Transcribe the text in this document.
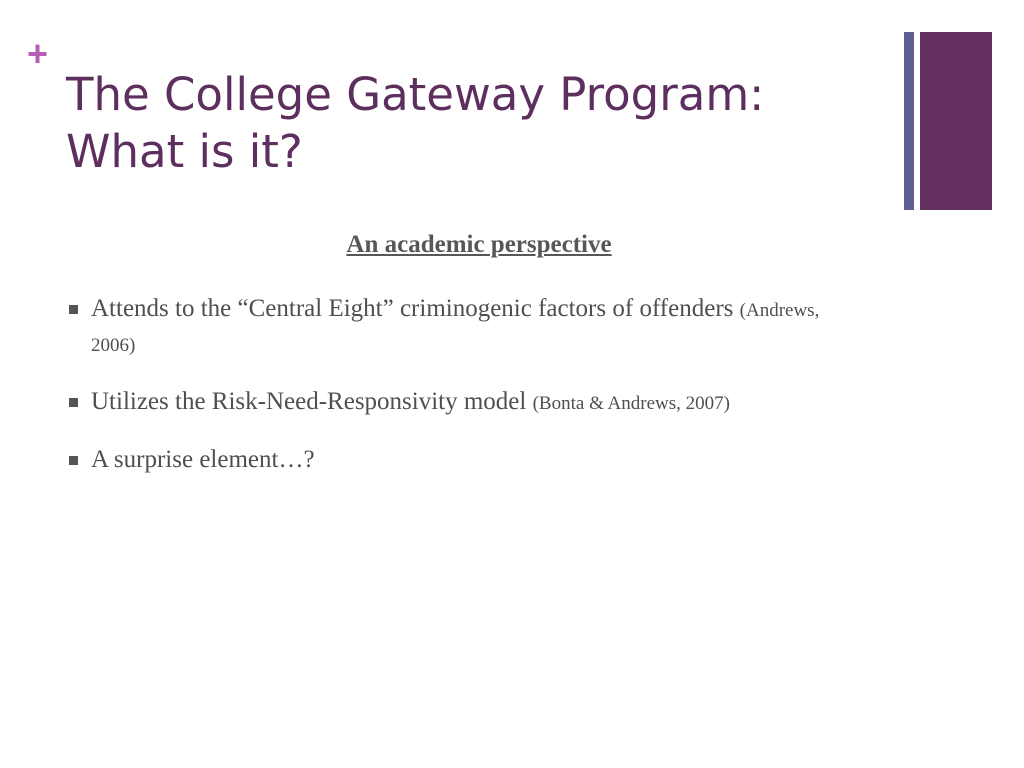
+
The College Gateway Program:
What is it?
An academic perspective
Attends to the “Central Eight” criminogenic factors of offenders (Andrews, 2006)
Utilizes the Risk-Need-Responsivity model (Bonta & Andrews, 2007)
A surprise element…?
